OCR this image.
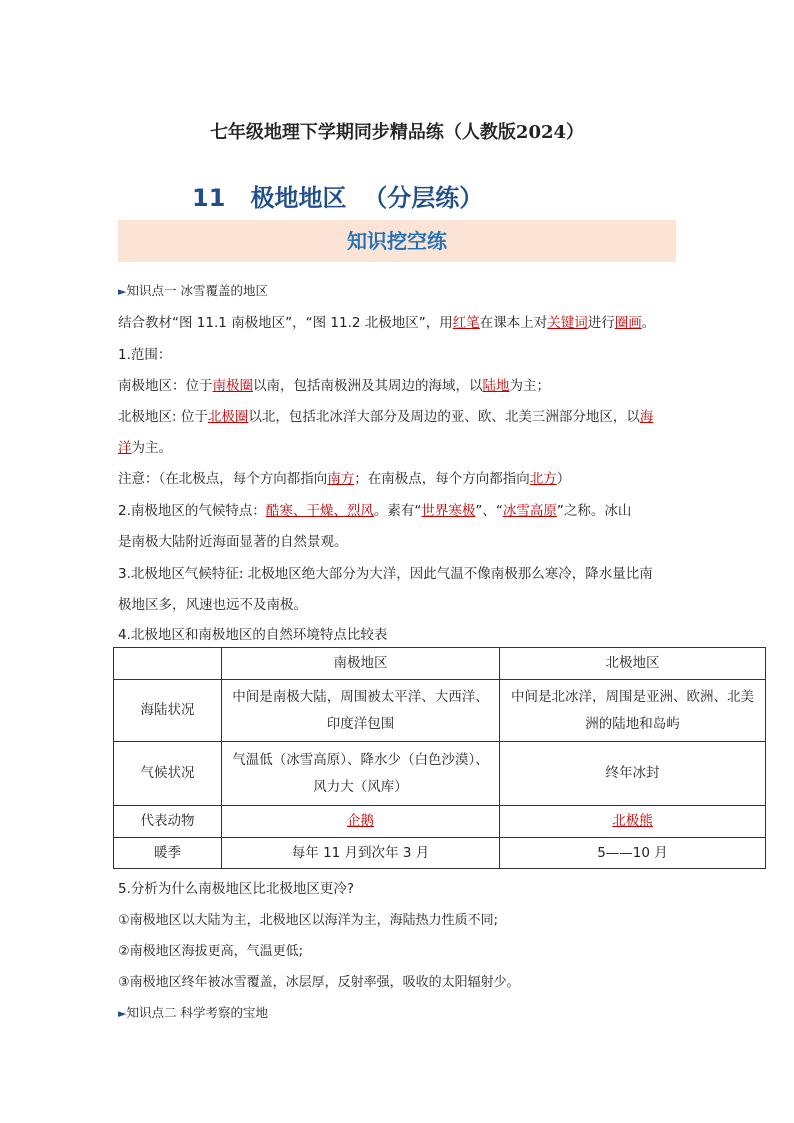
七年级地理下学期同步精品练（人教版2024）
11 极地地区 （分层练）
知识挖空练
►知识点一 冰雪覆盖的地区
结合教材“图 11.1 南极地区”，“图 11.2 北极地区”，用红笔在课本上对关键词进行圈画。
1.范围：
南极地区：位于南极圈以南，包括南极洲及其周边的海域，以陆地为主；
北极地区: 位于北极圈以北，包括北冰洋大部分及周边的亚、欧、北美三洲部分地区，以海
洋为主。
注意：（在北极点，每个方向都指向南方；在南极点，每个方向都指向北方）
2.南极地区的气候特点：酷寒、干燥、烈风。素有“世界寒极”、“冰雪高原”之称。冰山
是南极大陆附近海面显著的自然景观。
3.北极地区气候特征: 北极地区绝大部分为大洋，因此气温不像南极那么寒冷，降水量比南
极地区多，风速也远不及南极。
4.北极地区和南极地区的自然环境特点比较表
	南极地区	北极地区
海陆状况	中间是南极大陆，周围被太平洋、大西洋、印度洋包围	中间是北冰洋，周围是亚洲、欧洲、北美洲的陆地和岛屿
气候状况	气温低（冰雪高原）、降水少（白色沙漠）、风力大（风库）	终年冰封
代表动物	企鹅	北极熊
暖季	每年 11 月到次年 3 月	5——10 月
5.分析为什么南极地区比北极地区更冷?
①南极地区以大陆为主，北极地区以海洋为主，海陆热力性质不同;
②南极地区海拔更高，气温更低;
③南极地区终年被冰雪覆盖，冰层厚，反射率强，吸收的太阳辐射少。
►知识点二 科学考察的宝地
